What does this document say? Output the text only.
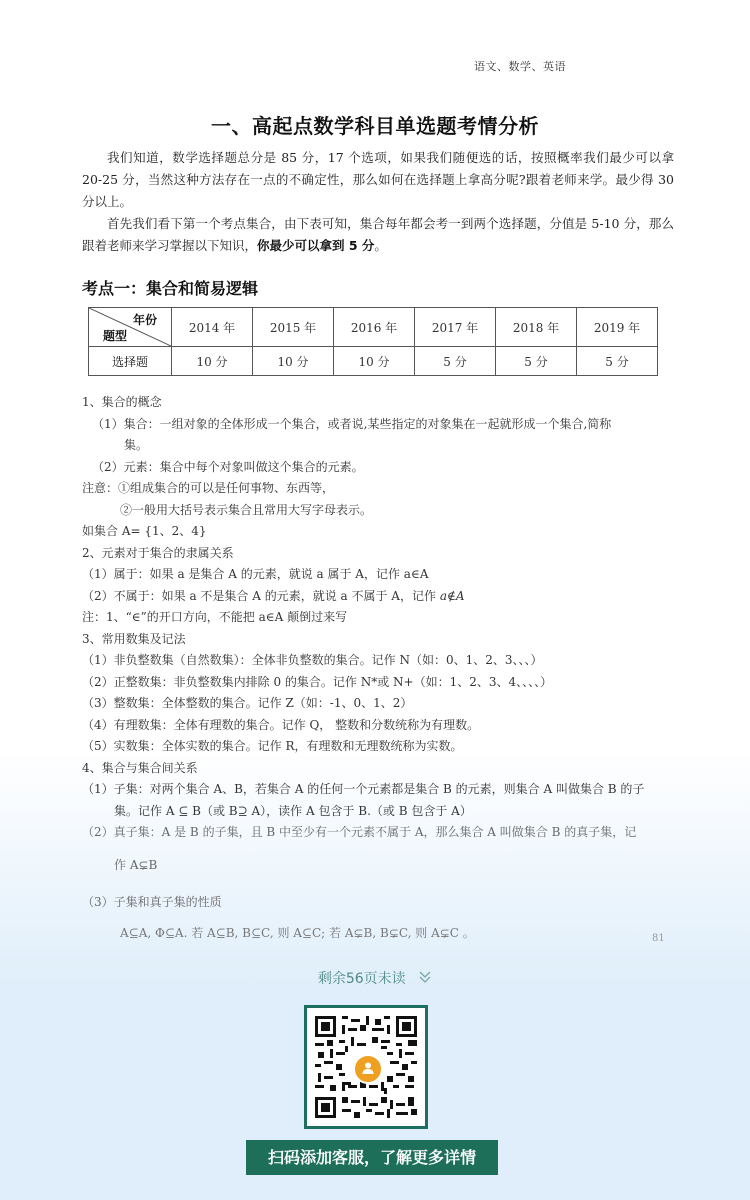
语文、数学、英语
一、高起点数学科目单选题考情分析

我们知道，数学选择题总分是 85 分，17 个选项，如果我们随便选的话，按照概率我们最少可以拿 20-25 分，当然这种方法存在一点的不确定性，那么如何在选择题上拿高分呢?跟着老师来学。最少得 30 分以上。

首先我们看下第一个考点集合，由下表可知，集合每年都会考一到两个选择题，分值是 5-10 分，那么跟着老师来学习掌握以下知识，你最少可以拿到 5 分。

考点一：集合和简易逻辑
年份
题型	2014 年	2015 年	2016 年	2017 年	2018 年	2019 年
选择题	10 分	10 分	10 分	5 分	5 分	5 分
1、集合的概念
（1）集合：一组对象的全体形成一个集合，或者说,某些指定的对象集在一起就形成一个集合,简称
集。
（2）元素：集合中每个对象叫做这个集合的元素。
注意：①组成集合的可以是任何事物、东西等，
②一般用大括号表示集合且常用大写字母表示。
如集合 A= {1、2、4}
2、元素对于集合的隶属关系
（1）属于：如果 a 是集合 A 的元素，就说 a 属于 A，记作 a∈A
（2）不属于：如果 a 不是集合 A 的元素，就说 a 不属于 A，记作 a∉A
注：1、“∈”的开口方向，不能把 a∈A 颠倒过来写
3、常用数集及记法
（1）非负整数集（自然数集）：全体非负整数的集合。记作 N（如：0、1、2、3、、、）
（2）正整数集：非负整数集内排除 0 的集合。记作 N*或 N+（如：1、2、3、4、、、、）
（3）整数集：全体整数的集合。记作 Z（如：-1、0、1、2）
（4）有理数集：全体有理数的集合。记作 Q， 整数和分数统称为有理数。
（5）实数集：全体实数的集合。记作 R，有理数和无理数统称为实数。
4、集合与集合间关系
（1）子集：对两个集合 A、B，若集合 A 的任何一个元素都是集合 B 的元素，则集合 A 叫做集合 B 的子
集。记作 A ⊆ B（或 B⊇ A），读作 A 包含于 B.（或 B 包含于 A）
（2）真子集：A 是 B 的子集，且 B 中至少有一个元素不属于 A，那么集合 A 叫做集合 B 的真子集，记
作 A⊊B
（3）子集和真子集的性质
A⊆A, Φ⊆A. 若 A⊆B, B⊆C, 则 A⊆C; 若 A⊊B, B⊊C, 则 A⊊C 。	81
剩余56页未读
扫码添加客服，了解更多详情
